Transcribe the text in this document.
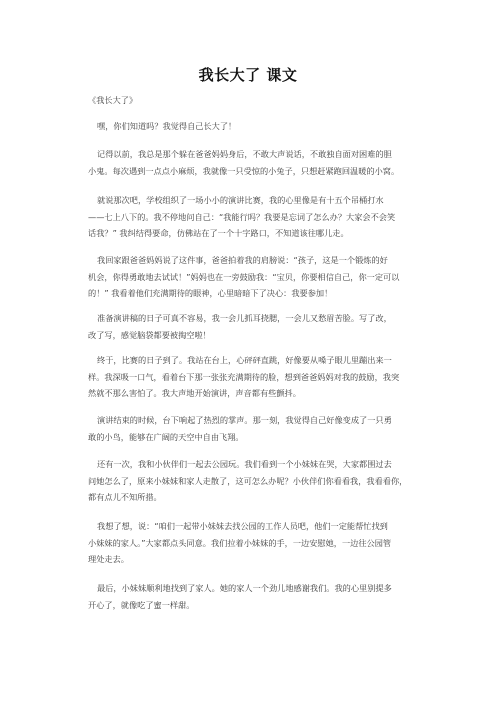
我长大了 课文

《我长大了》

嘿，你们知道吗？我觉得自己长大了！

记得以前，我总是那个躲在爸爸妈妈身后，不敢大声说话，不敢独自面对困难的胆
小鬼。每次遇到一点点小麻烦，我就像一只受惊的小兔子，只想赶紧跑回温暖的小窝。

就说那次吧，学校组织了一场小小的演讲比赛，我的心里像是有十五个吊桶打水
——七上八下的。我不停地问自己：“我能行吗？我要是忘词了怎么办？大家会不会笑
话我？” 我纠结得要命，仿佛站在了一个十字路口，不知道该往哪儿走。

我回家跟爸爸妈妈说了这件事，爸爸拍着我的肩膀说：“孩子，这是一个锻炼的好
机会，你得勇敢地去试试！”妈妈也在一旁鼓励我：“宝贝，你要相信自己，你一定可以
的！” 我看着他们充满期待的眼神，心里暗暗下了决心：我要参加！

准备演讲稿的日子可真不容易，我一会儿抓耳挠腮，一会儿又愁眉苦脸。写了改，
改了写，感觉脑袋都要被掏空啦！

终于，比赛的日子到了。我站在台上，心砰砰直跳，好像要从嗓子眼儿里蹦出来一
样。我深吸一口气，看着台下那一张张充满期待的脸，想到爸爸妈妈对我的鼓励，我突
然就不那么害怕了。我大声地开始演讲，声音都有些颤抖。

演讲结束的时候，台下响起了热烈的掌声。那一刻，我觉得自己好像变成了一只勇
敢的小鸟，能够在广阔的天空中自由飞翔。

还有一次，我和小伙伴们一起去公园玩。我们看到一个小妹妹在哭，大家都围过去
问她怎么了，原来小妹妹和家人走散了，这可怎么办呢？小伙伴们你看看我，我看看你，
都有点儿不知所措。

我想了想，说：“咱们一起带小妹妹去找公园的工作人员吧，他们一定能帮忙找到
小妹妹的家人。”大家都点头同意。我们拉着小妹妹的手，一边安慰她，一边往公园管
理处走去。

最后，小妹妹顺利地找到了家人。她的家人一个劲儿地感谢我们。我的心里别提多
开心了，就像吃了蜜一样甜。
